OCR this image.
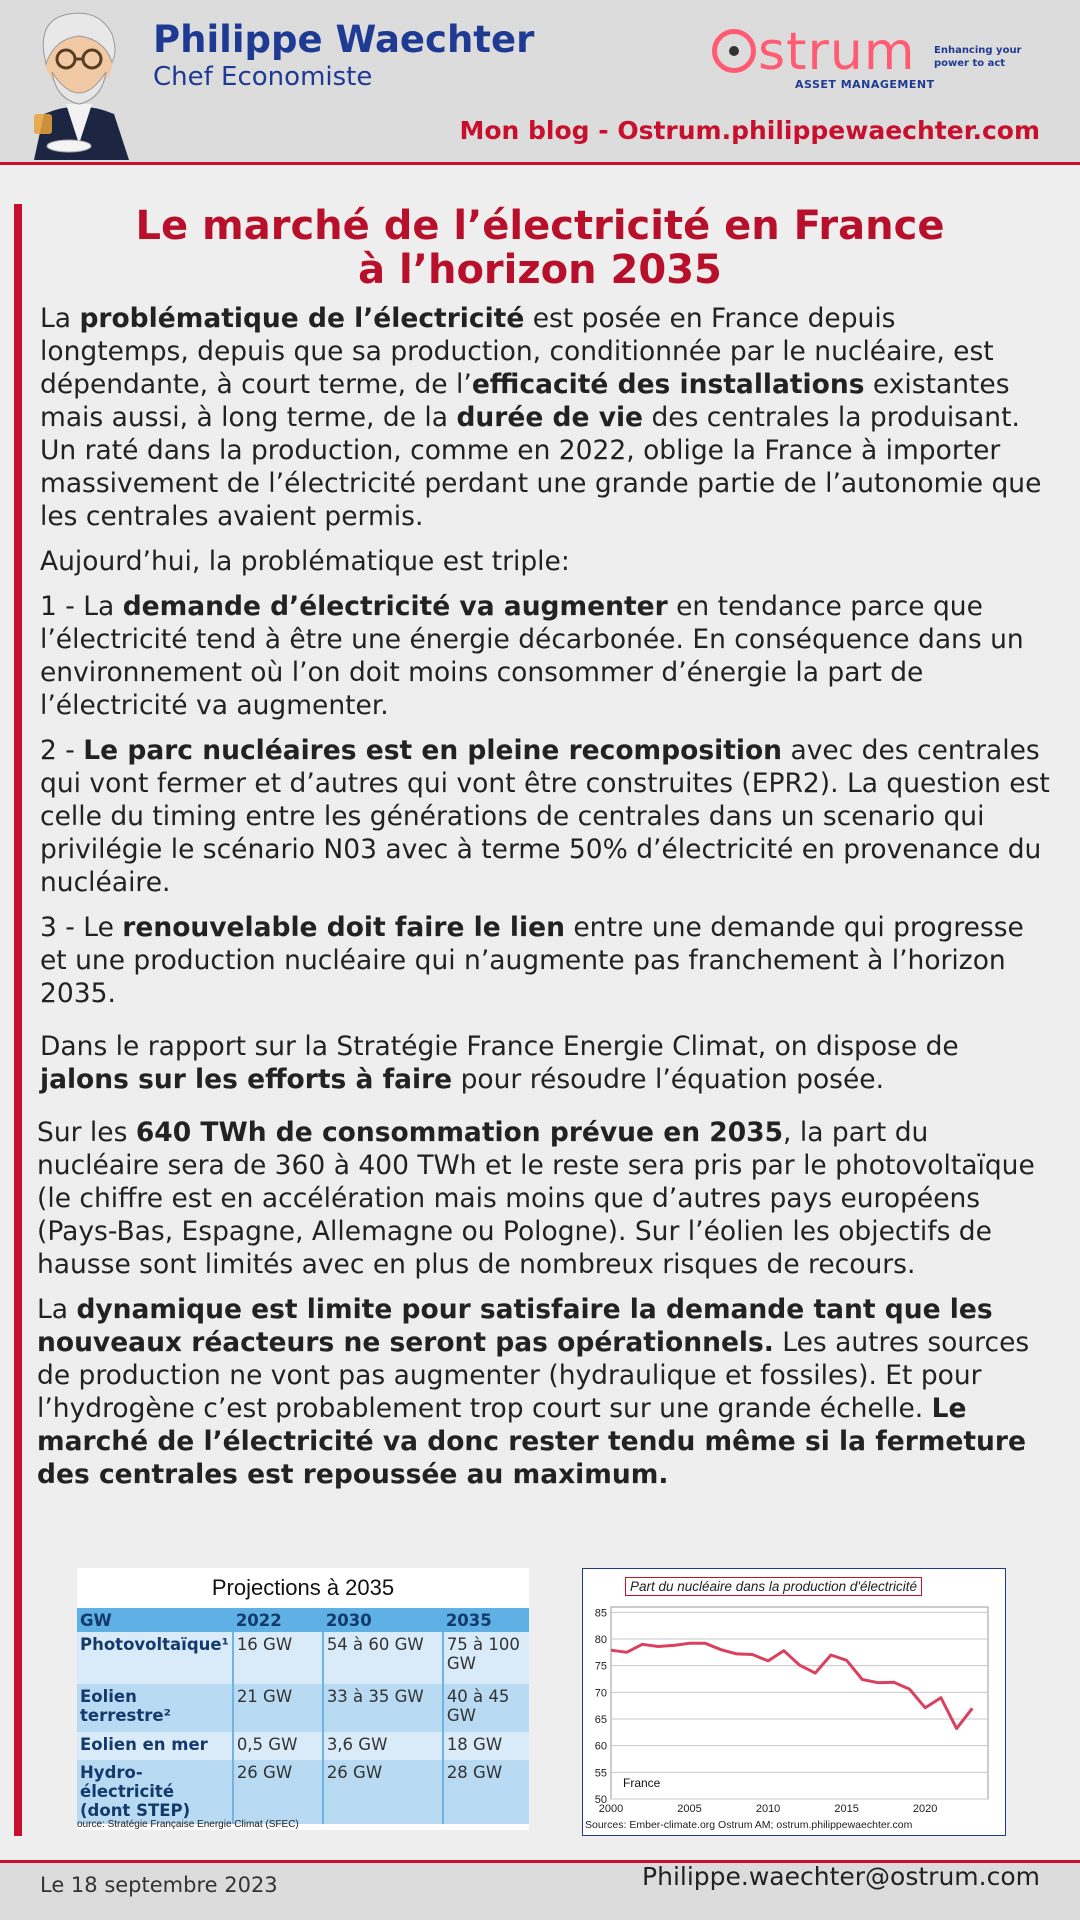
Philippe Waechter
Chef Economiste	strum
ASSET MANAGEMENT
Enhancing your power to act
Mon blog - Ostrum.philippewaechter.com
Le marché de l’électricité en France
à l’horizon 2035

La problématique de l’électricité est posée en France depuis longtemps, depuis que sa production, conditionnée par le nucléaire, est dépendante, à court terme, de l’efficacité des installations existantes mais aussi, à long terme, de la durée de vie des centrales la produisant. Un raté dans la production, comme en 2022, oblige la France à importer massivement de l’électricité perdant une grande partie de l’autonomie que les centrales avaient permis.

Aujourd’hui, la problématique est triple:

1 - La demande d’électricité va augmenter en tendance parce que l’électricité tend à être une énergie décarbonée. En conséquence dans un environnement où l’on doit moins consommer d’énergie la part de l’électricité va augmenter.

2 - Le parc nucléaires est en pleine recomposition avec des centrales qui vont fermer et d’autres qui vont être construites (EPR2). La question est celle du timing entre les générations de centrales dans un scenario qui privilégie le scénario N03 avec à terme 50% d’électricité en provenance du nucléaire.

3 - Le renouvelable doit faire le lien entre une demande qui progresse et une production nucléaire qui n’augmente pas franchement à l’horizon 2035.

Dans le rapport sur la Stratégie France Energie Climat, on dispose de jalons sur les efforts à faire pour résoudre l’équation posée.

Sur les 640 TWh de consommation prévue en 2035, la part du nucléaire sera de 360 à 400 TWh et le reste sera pris par le photovoltaïque (le chiffre est en accélération mais moins que d’autres pays européens (Pays-Bas, Espagne, Allemagne ou Pologne). Sur l’éolien les objectifs de hausse sont limités avec en plus de nombreux risques de recours.

La dynamique est limite pour satisfaire la demande tant que les nouveaux réacteurs ne seront pas opérationnels. Les autres sources de production ne vont pas augmenter (hydraulique et fossiles). Et pour l’hydrogène c’est probablement trop court sur une grande échelle. Le marché de l’électricité va donc rester tendu même si la fermeture des centrales est repoussée au maximum.

Projections à 2035
GW	2022	2030	2035
Photovoltaïque¹	16 GW	54 à 60 GW	75 à 100 GW
Eolien terrestre²	21 GW	33 à 35 GW	40 à 45 GW
Eolien en mer	0,5 GW	3,6 GW	18 GW
Hydro-électricité (dont STEP)	26 GW	26 GW	28 GW
ource: Stratégie Française Energie Climat (SFEC)
50
55
60
65
70
75
80
85
2000	2005	2010	2015	2020
France
Part du nucléaire dans la production d'électricité
Sources: Ember-climate.org Ostrum AM; ostrum.philippewaechter.com
Le 18 septembre 2023	Philippe.waechter@ostrum.com
